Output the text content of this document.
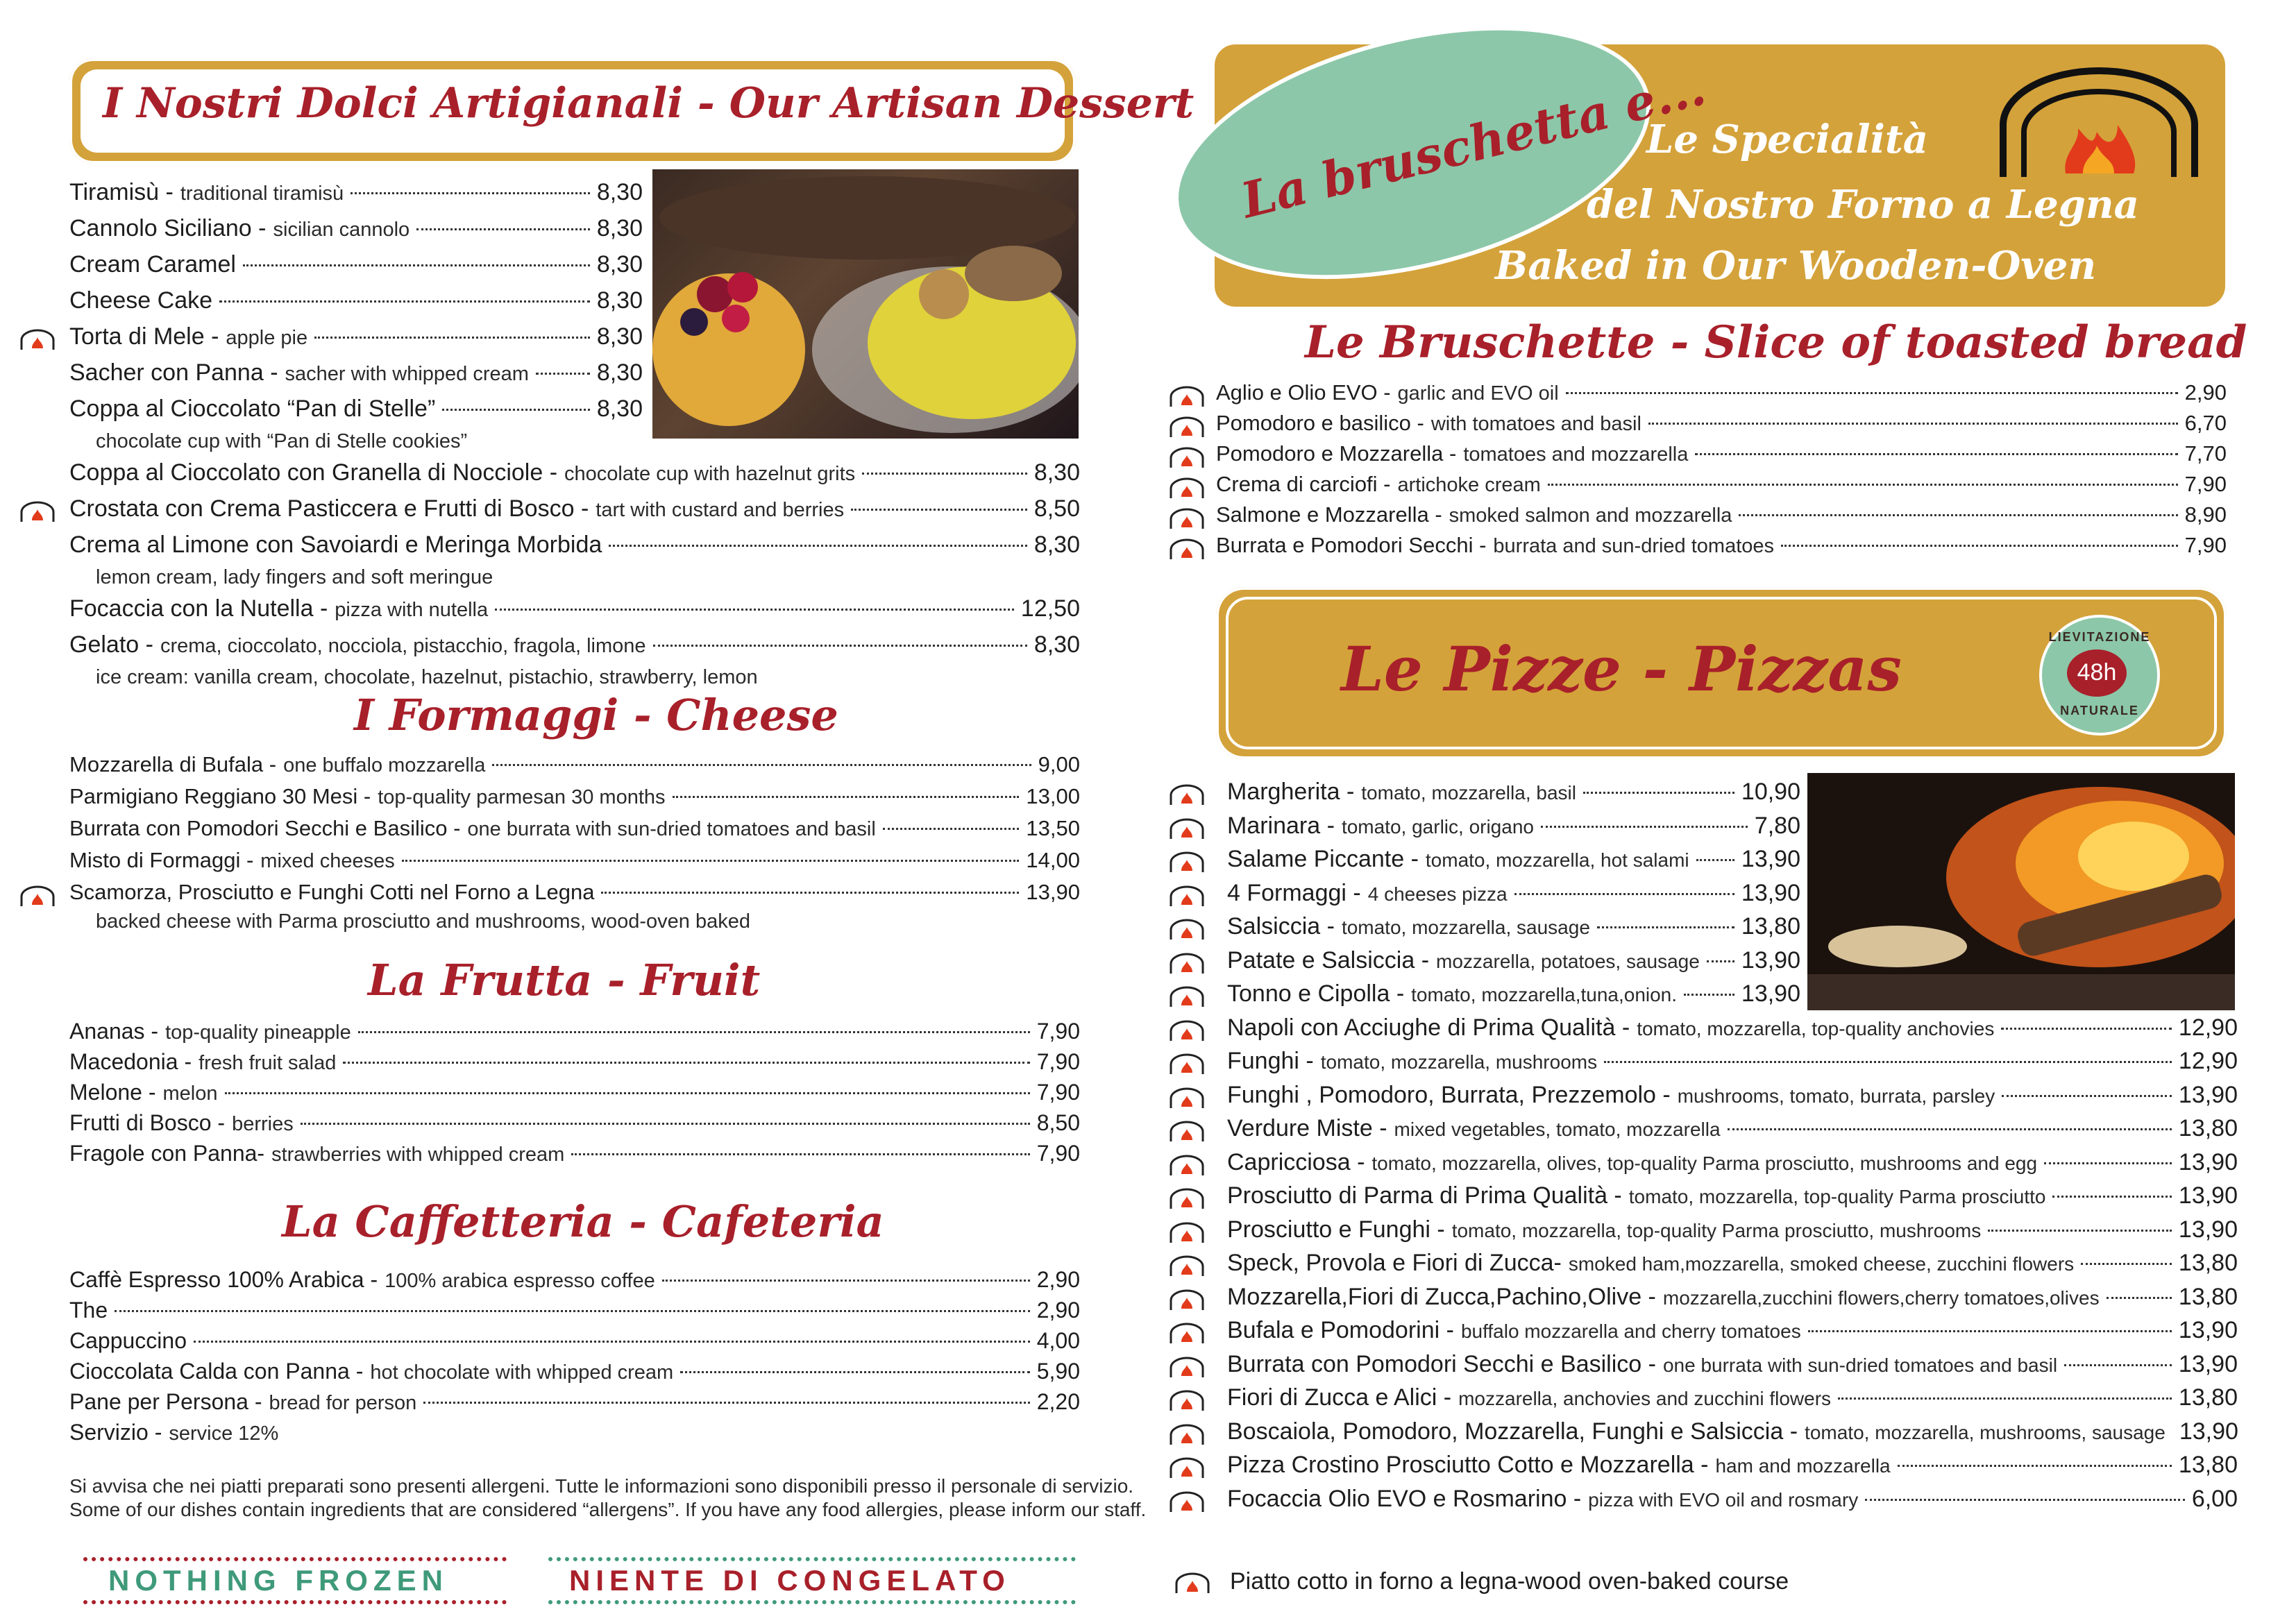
I Nostri Dolci Artigianali - Our Artisan Dessert
Tiramisù - traditional tiramisù	8,30
Cannolo Siciliano - sicilian cannolo	8,30
Cream Caramel	8,30
Cheese Cake	8,30
Torta di Mele - apple pie	8,30
Sacher con Panna - sacher with whipped cream	8,30
Coppa al Cioccolato “Pan di Stelle”	8,30
chocolate cup with “Pan di Stelle cookies”
Coppa al Cioccolato con Granella di Nocciole - chocolate cup with hazelnut grits	8,30
Crostata con Crema Pasticcera e Frutti di Bosco - tart with custard and berries	8,50
Crema al Limone con Savoiardi e Meringa Morbida	8,30
lemon cream, lady fingers and soft meringue
Focaccia con la Nutella - pizza with nutella	12,50
Gelato - crema, cioccolato, nocciola, pistacchio, fragola, limone	8,30
ice cream: vanilla cream, chocolate, hazelnut, pistachio, strawberry, lemon
I Formaggi - Cheese
Mozzarella di Bufala - one buffalo mozzarella	9,00
Parmigiano Reggiano 30 Mesi - top-quality parmesan 30 months	13,00
Burrata con Pomodori Secchi e Basilico - one burrata with sun-dried tomatoes and basil	13,50
Misto di Formaggi - mixed cheeses	14,00
Scamorza, Prosciutto e Funghi Cotti nel Forno a Legna	13,90
backed cheese with Parma prosciutto and mushrooms, wood-oven baked
La Frutta - Fruit
Ananas - top-quality pineapple	7,90
Macedonia - fresh fruit salad	7,90
Melone - melon	7,90
Frutti di Bosco - berries	8,50
Fragole con Panna- strawberries with whipped cream	7,90
La Caffetteria - Cafeteria
Caffè Espresso 100% Arabica - 100% arabica espresso coffee	2,90
The	2,90
Cappuccino	4,00
Cioccolata Calda con Panna - hot chocolate with whipped cream	5,90
Pane per Persona - bread for person	2,20
Servizio - service 12%
Si avvisa che nei piatti preparati sono presenti allergeni. Tutte le informazioni sono disponibili presso il personale di servizio.
Some of our dishes contain ingredients that are considered “allergens”. If you have any food allergies, please inform our staff.
NOTHING FROZEN	NIENTE DI CONGELATO
La bruschetta e...
Le Specialità
del Nostro Forno a Legna
Baked in Our Wooden-Oven
Le Bruschette - Slice of toasted bread
Aglio e Olio EVO - garlic and EVO oil	2,90
Pomodoro e basilico - with tomatoes and basil	6,70
Pomodoro e Mozzarella - tomatoes and mozzarella	7,70
Crema di carciofi - artichoke cream	7,90
Salmone e Mozzarella - smoked salmon and mozzarella	8,90
Burrata e Pomodori Secchi - burrata and sun-dried tomatoes	7,90
Le Pizze - Pizzas	LIEVITAZIONE
48h
NATURALE
Margherita - tomato, mozzarella, basil	10,90
Marinara - tomato, garlic, origano	7,80
Salame Piccante - tomato, mozzarella, hot salami 13,90
4 Formaggi - 4 cheeses pizza	13,90
Salsiccia - tomato, mozzarella, sausage	13,80
Patate e Salsiccia - mozzarella, potatoes, sausage 13,90
Tonno e Cipolla - tomato, mozzarella,tuna,onion.	13,90
Napoli con Acciughe di Prima Qualità - tomato, mozzarella, top-quality anchovies	12,90
Funghi - tomato, mozzarella, mushrooms	12,90
Funghi , Pomodoro, Burrata, Prezzemolo - mushrooms, tomato, burrata, parsley	13,90
Verdure Miste - mixed vegetables, tomato, mozzarella	13,80
Capricciosa - tomato, mozzarella, olives, top-quality Parma prosciutto, mushrooms and egg	13,90
Prosciutto di Parma di Prima Qualità - tomato, mozzarella, top-quality Parma prosciutto	13,90
Prosciutto e Funghi - tomato, mozzarella, top-quality Parma prosciutto, mushrooms	13,90
Speck, Provola e Fiori di Zucca- smoked ham,mozzarella, smoked cheese, zucchini flowers	13,80
Mozzarella,Fiori di Zucca,Pachino,Olive - mozzarella,zucchini flowers,cherry tomatoes,olives	13,80
Bufala e Pomodorini - buffalo mozzarella and cherry tomatoes	13,90
Burrata con Pomodori Secchi e Basilico - one burrata with sun-dried tomatoes and basil	13,90
Fiori di Zucca e Alici - mozzarella, anchovies and zucchini flowers	13,80
Boscaiola, Pomodoro, Mozzarella, Funghi e Salsiccia - tomato, mozzarella, mushrooms, sausage 13,90
Pizza Crostino Prosciutto Cotto e Mozzarella - ham and mozzarella	13,80
Focaccia Olio EVO e Rosmarino - pizza with EVO oil and rosmary	6,00
Piatto cotto in forno a legna-wood oven-baked course
